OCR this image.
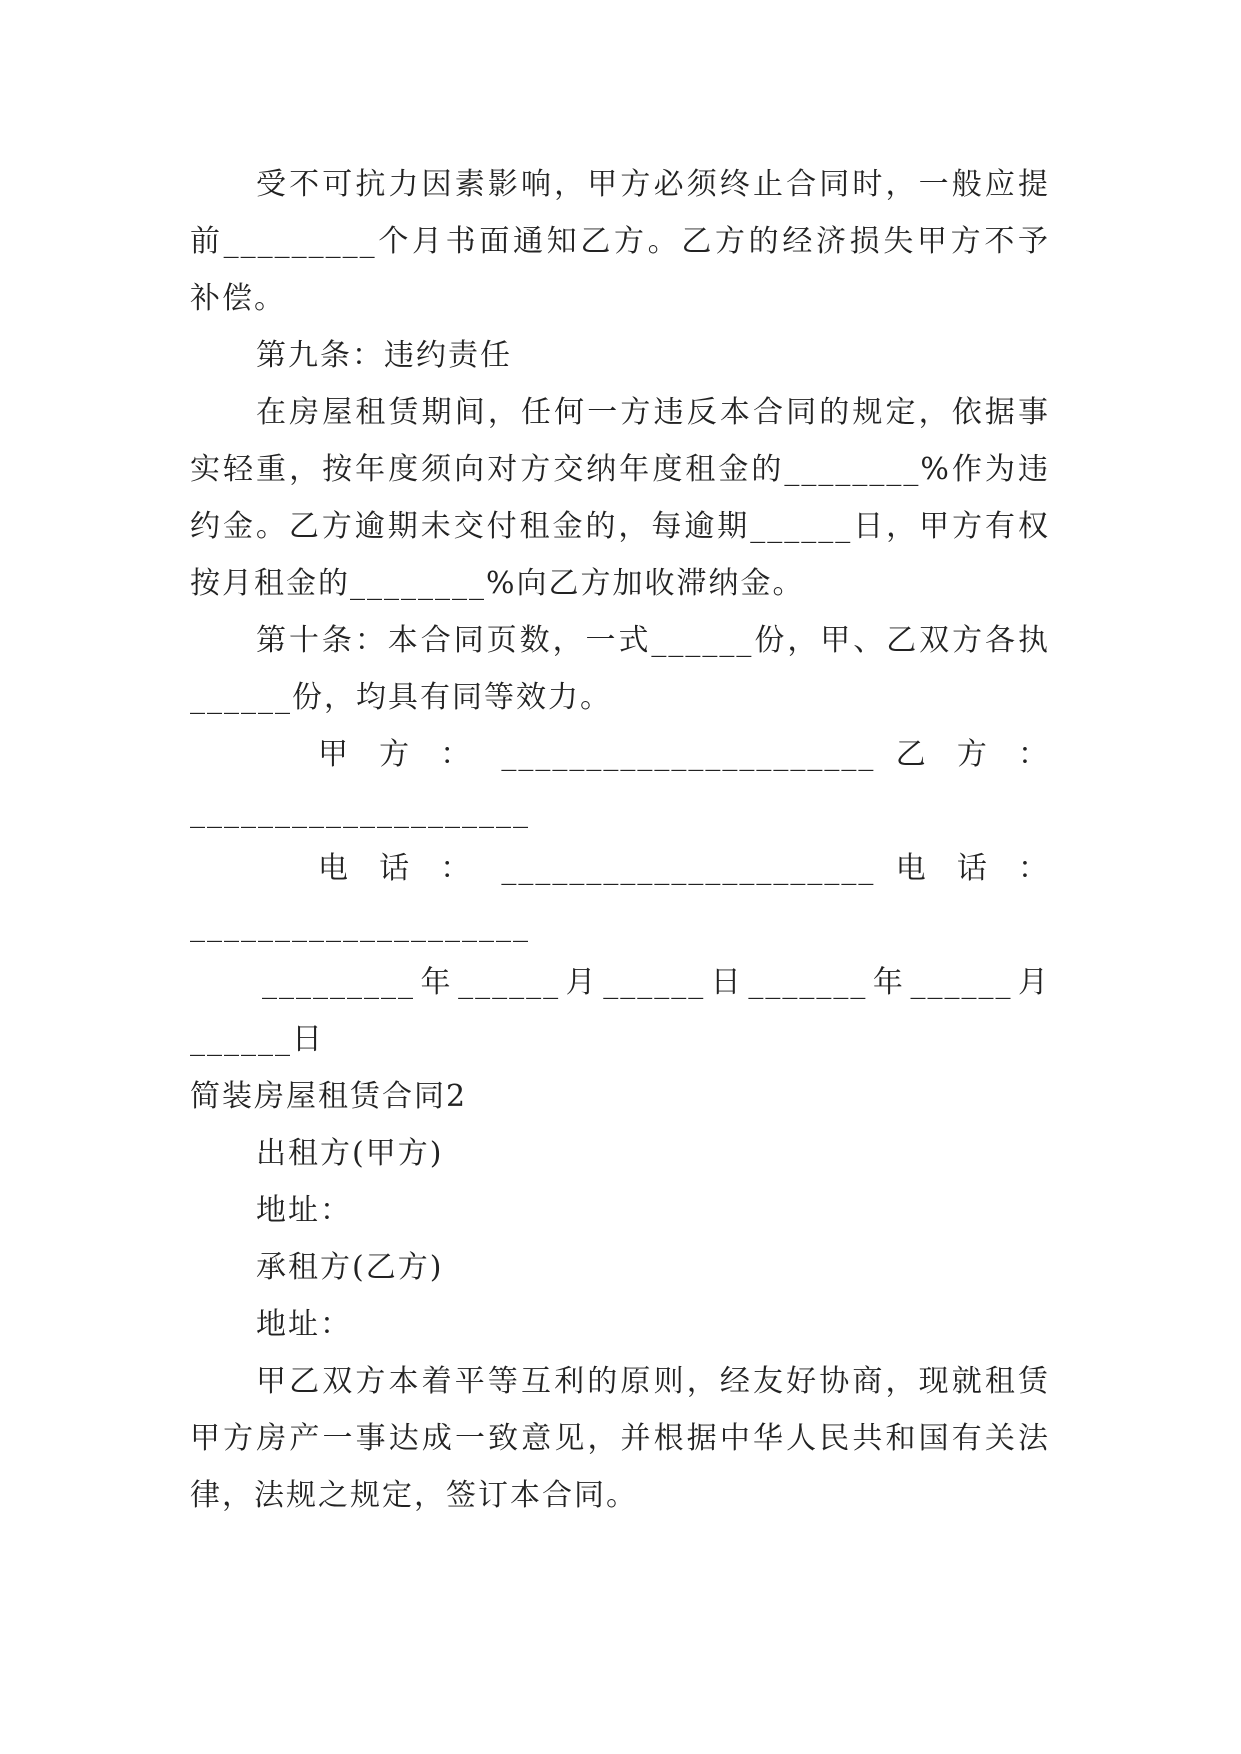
受不可抗力因素影响，甲方必须终止合同时，一般应提
前_________个月书面通知乙方。乙方的经济损失甲方不予
补偿。
第九条：违约责任
在房屋租赁期间，任何一方违反本合同的规定，依据事
实轻重，按年度须向对方交纳年度租金的________%作为违
约金。乙方逾期未交付租金的，每逾期______日，甲方有权
按月租金的________%向乙方加收滞纳金。
第十条：本合同页数，一式______份，甲、乙双方各执
______份，均具有同等效力。
甲 方 ： ______________________ 乙 方 ：
____________________
电 话 ： ______________________ 电 话 ：
____________________
_________年______月______日_______年______月
______日
简装房屋租赁合同2
出租方(甲方)
地址：
承租方(乙方)
地址：
甲乙双方本着平等互利的原则，经友好协商，现就租赁
甲方房产一事达成一致意见，并根据中华人民共和国有关法
律，法规之规定，签订本合同。
